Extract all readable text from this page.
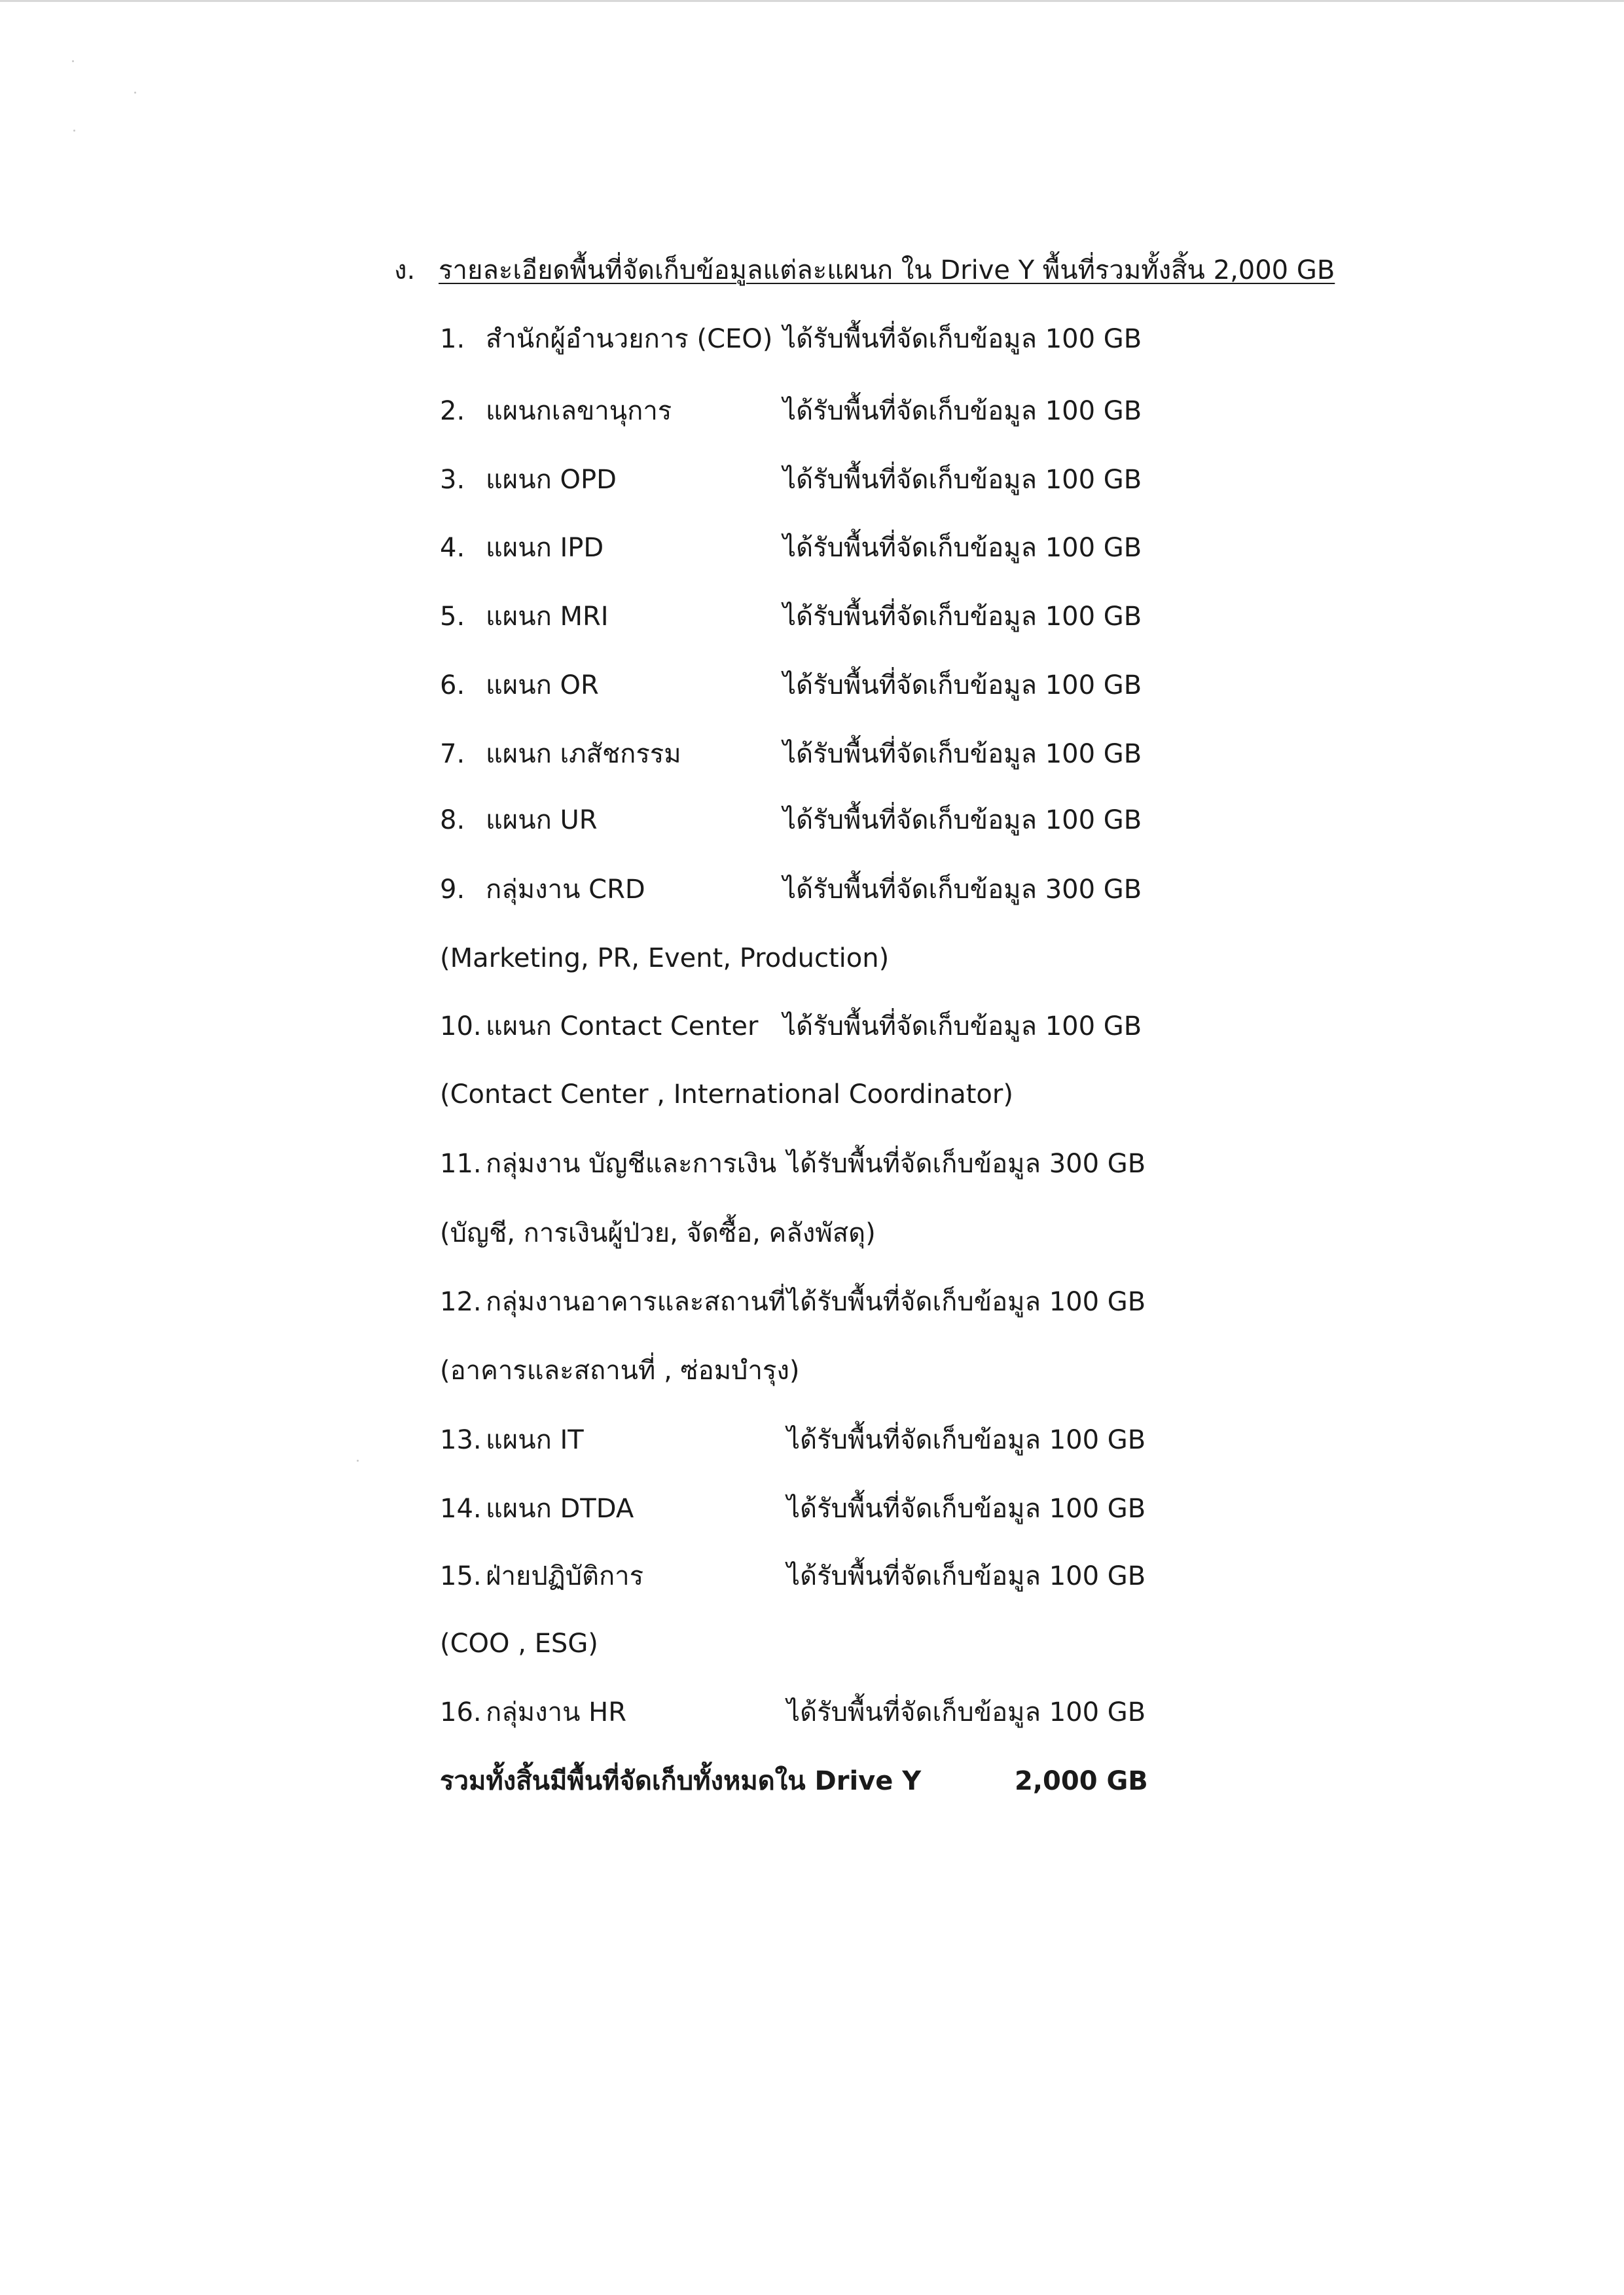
ง. รายละเอียดพื้นที่จัดเก็บข้อมูลแต่ละแผนก ใน Drive Y พื้นที่รวมทั้งสิ้น 2,000 GB
1. สำนักผู้อำนวยการ (CEO) ได้รับพื้นที่จัดเก็บข้อมูล 100 GB
2. แผนกเลขานุการ	ได้รับพื้นที่จัดเก็บข้อมูล 100 GB
3. แผนก OPD	ได้รับพื้นที่จัดเก็บข้อมูล 100 GB
4. แผนก IPD	ได้รับพื้นที่จัดเก็บข้อมูล 100 GB
5. แผนก MRI	ได้รับพื้นที่จัดเก็บข้อมูล 100 GB
6. แผนก OR	ได้รับพื้นที่จัดเก็บข้อมูล 100 GB
7. แผนก เภสัชกรรม	ได้รับพื้นที่จัดเก็บข้อมูล 100 GB
8. แผนก UR	ได้รับพื้นที่จัดเก็บข้อมูล 100 GB
9. กลุ่มงาน CRD	ได้รับพื้นที่จัดเก็บข้อมูล 300 GB
(Marketing, PR, Event, Production)
10. แผนก Contact Center ได้รับพื้นที่จัดเก็บข้อมูล 100 GB
(Contact Center , International Coordinator)
11. กลุ่มงาน บัญชีและการเงิน ได้รับพื้นที่จัดเก็บข้อมูล 300 GB
(บัญชี, การเงินผู้ป่วย, จัดซื้อ, คลังพัสดุ)
12. กลุ่มงานอาคารและสถานที่ ได้รับพื้นที่จัดเก็บข้อมูล 100 GB
(อาคารและสถานที่ , ซ่อมบำรุง)
13. แผนก IT	ได้รับพื้นที่จัดเก็บข้อมูล 100 GB
14. แผนก DTDA	ได้รับพื้นที่จัดเก็บข้อมูล 100 GB
15. ฝ่ายปฏิบัติการ	ได้รับพื้นที่จัดเก็บข้อมูล 100 GB
(COO , ESG)
16. กลุ่มงาน HR	ได้รับพื้นที่จัดเก็บข้อมูล 100 GB
รวมทั้งสิ้นมีพื้นที่จัดเก็บทั้งหมดใน Drive Y	2,000 GB
